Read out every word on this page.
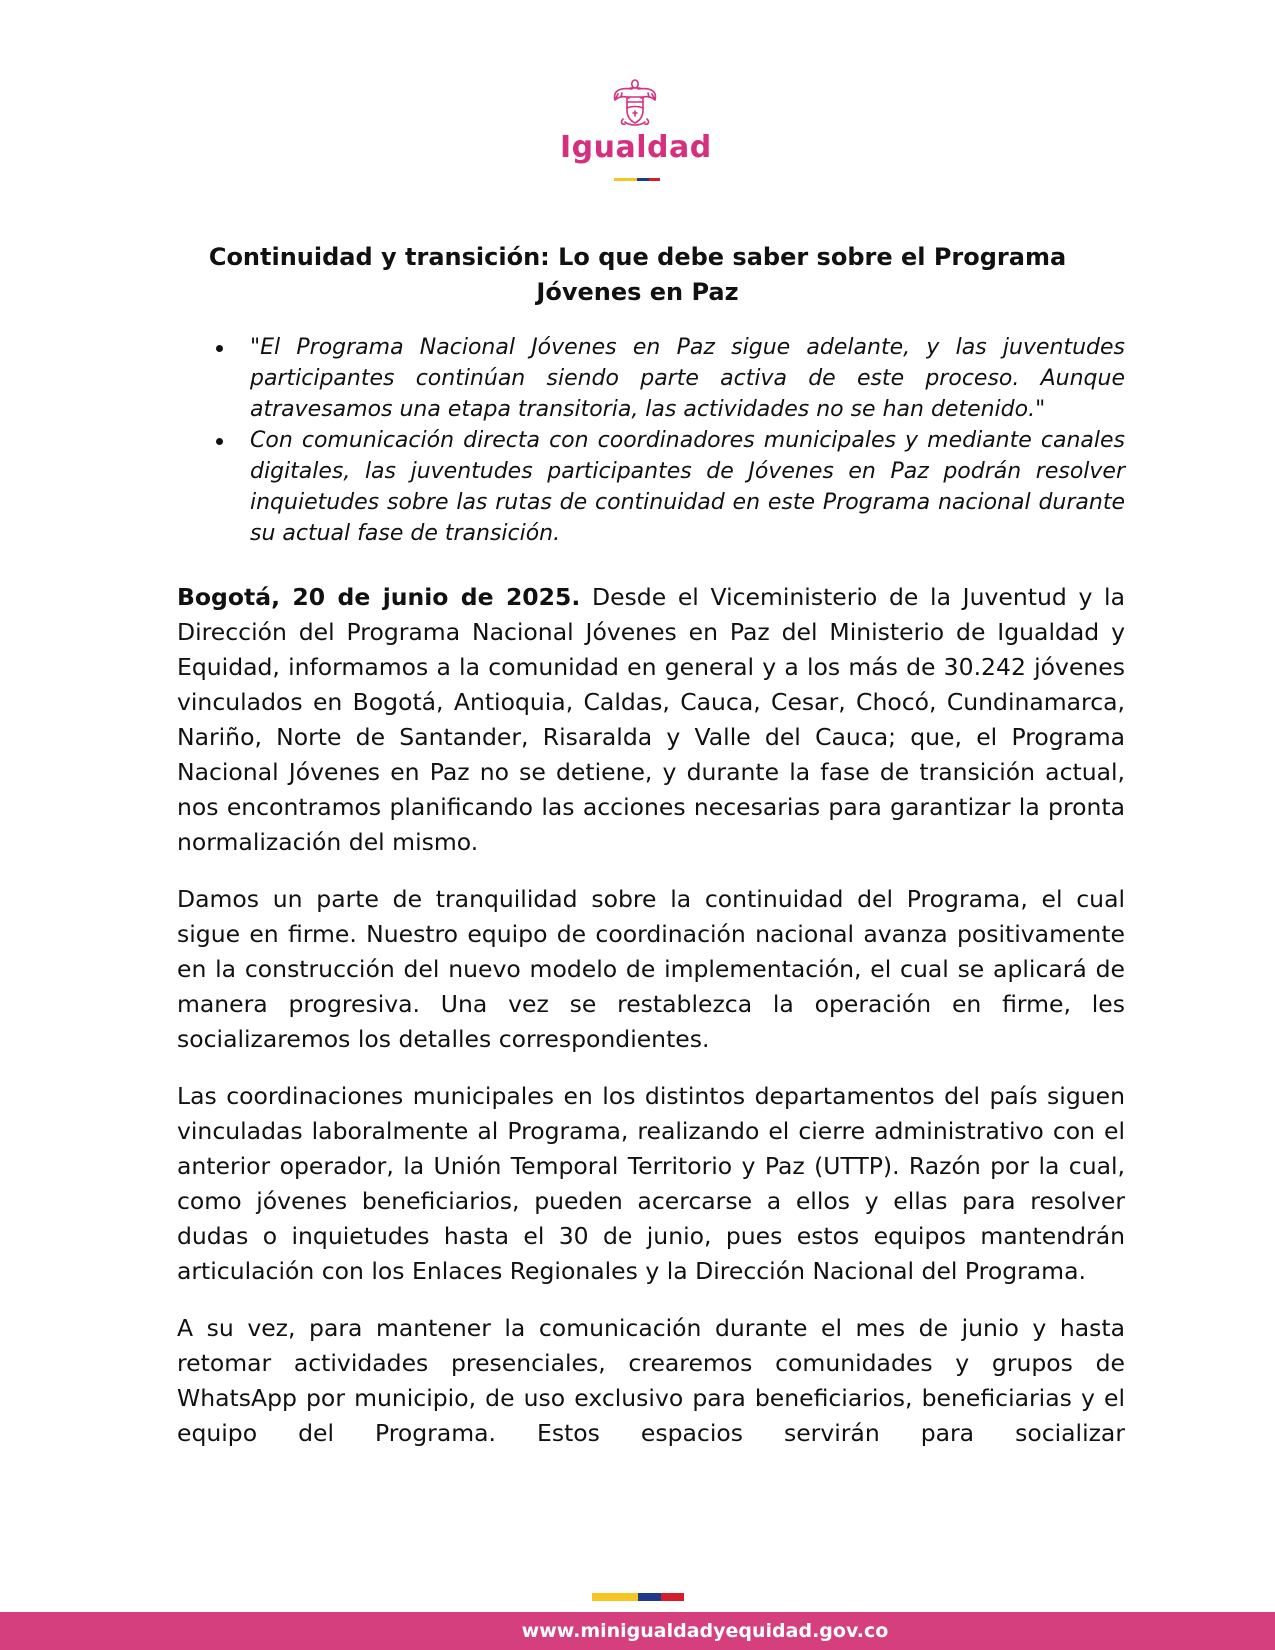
Igualdad
Continuidad y transición: Lo que debe saber sobre el Programa
Jóvenes en Paz
"El Programa Nacional Jóvenes en Paz sigue adelante, y las juventudes participantes continúan siendo parte activa de este proceso. Aunque atravesamos una etapa transitoria, las actividades no se han detenido."
Con comunicación directa con coordinadores municipales y mediante canales digitales, las juventudes participantes de Jóvenes en Paz podrán resolver inquietudes sobre las rutas de continuidad en este Programa nacional durante su actual fase de transición.

Bogotá, 20 de junio de 2025. Desde el Viceministerio de la Juventud y la Dirección del Programa Nacional Jóvenes en Paz del Ministerio de Igualdad y Equidad, informamos a la comunidad en general y a los más de 30.242 jóvenes vinculados en Bogotá, Antioquia, Caldas, Cauca, Cesar, Chocó, Cundinamarca, Nariño, Norte de Santander, Risaralda y Valle del Cauca; que, el Programa Nacional Jóvenes en Paz no se detiene, y durante la fase de transición actual, nos encontramos planificando las acciones necesarias para garantizar la pronta normalización del mismo.

Damos un parte de tranquilidad sobre la continuidad del Programa, el cual sigue en firme. Nuestro equipo de coordinación nacional avanza positivamente en la construcción del nuevo modelo de implementación, el cual se aplicará de manera progresiva. Una vez se restablezca la operación en firme, les socializaremos los detalles correspondientes.

Las coordinaciones municipales en los distintos departamentos del país siguen vinculadas laboralmente al Programa, realizando el cierre administrativo con el anterior operador, la Unión Temporal Territorio y Paz (UTTP). Razón por la cual, como jóvenes beneficiarios, pueden acercarse a ellos y ellas para resolver dudas o inquietudes hasta el 30 de junio, pues estos equipos mantendrán articulación con los Enlaces Regionales y la Dirección Nacional del Programa.

A su vez, para mantener la comunicación durante el mes de junio y hasta retomar actividades presenciales, crearemos comunidades y grupos de WhatsApp por municipio, de uso exclusivo para beneficiarios, beneficiarias y el equipo del Programa. Estos espacios servirán para socializar

www.minigualdadyequidad.gov.co
